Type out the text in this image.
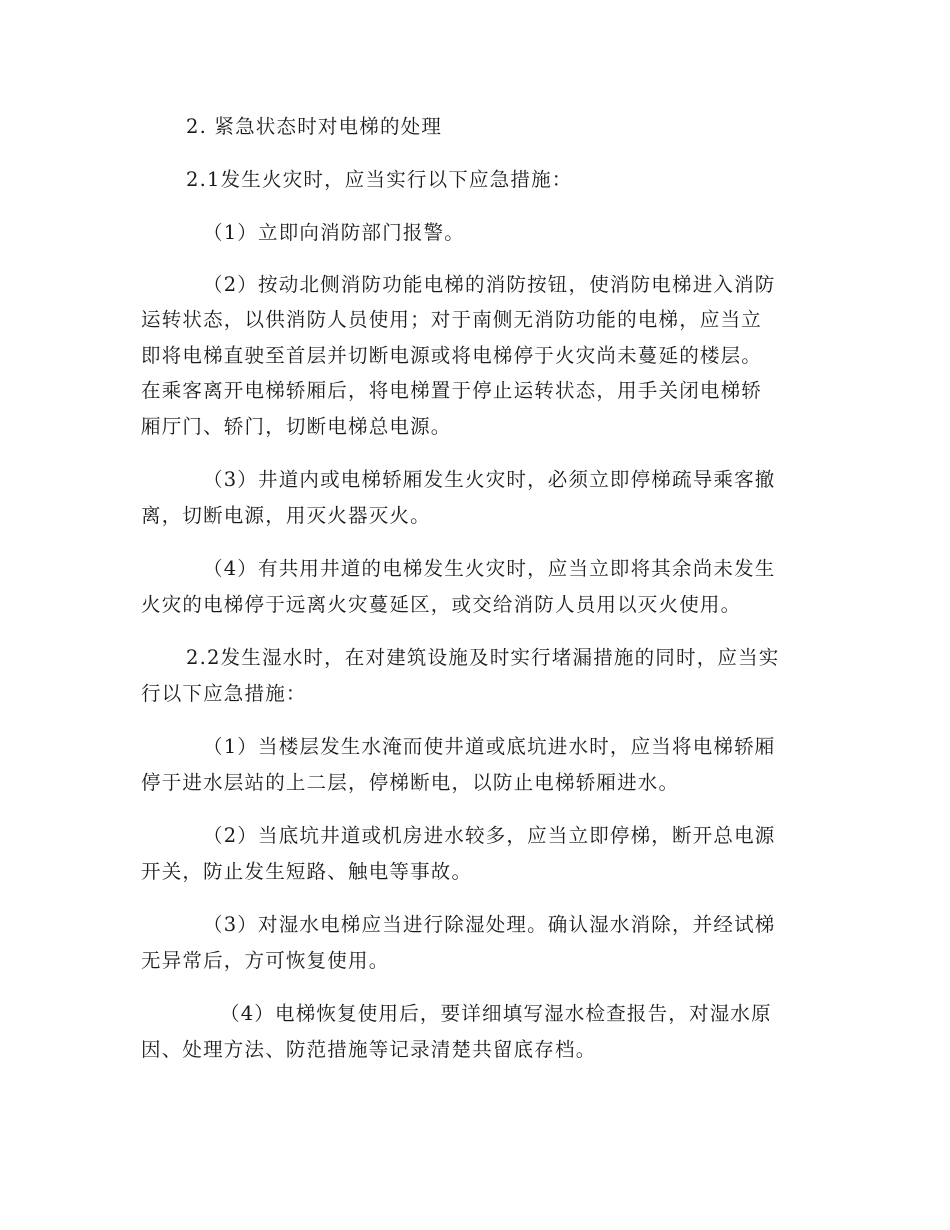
2. 紧急状态时对电梯的处理
2.1发生火灾时，应当实行以下应急措施：
（1）立即向消防部门报警。
（2）按动北侧消防功能电梯的消防按钮，使消防电梯进入消防
运转状态，以供消防人员使用；对于南侧无消防功能的电梯，应当立
即将电梯直驶至首层并切断电源或将电梯停于火灾尚未蔓延的楼层。
在乘客离开电梯轿厢后，将电梯置于停止运转状态，用手关闭电梯轿
厢厅门、轿门，切断电梯总电源。
（3）井道内或电梯轿厢发生火灾时，必须立即停梯疏导乘客撤
离，切断电源，用灭火器灭火。
（4）有共用井道的电梯发生火灾时，应当立即将其余尚未发生
火灾的电梯停于远离火灾蔓延区，或交给消防人员用以灭火使用。
2.2发生湿水时，在对建筑设施及时实行堵漏措施的同时，应当实
行以下应急措施：
（1）当楼层发生水淹而使井道或底坑进水时，应当将电梯轿厢
停于进水层站的上二层，停梯断电，以防止电梯轿厢进水。
（2）当底坑井道或机房进水较多，应当立即停梯，断开总电源
开关，防止发生短路、触电等事故。
（3）对湿水电梯应当进行除湿处理。确认湿水消除，并经试梯
无异常后，方可恢复使用。
（4）电梯恢复使用后，要详细填写湿水检查报告，对湿水原
因、处理方法、防范措施等记录清楚共留底存档。
